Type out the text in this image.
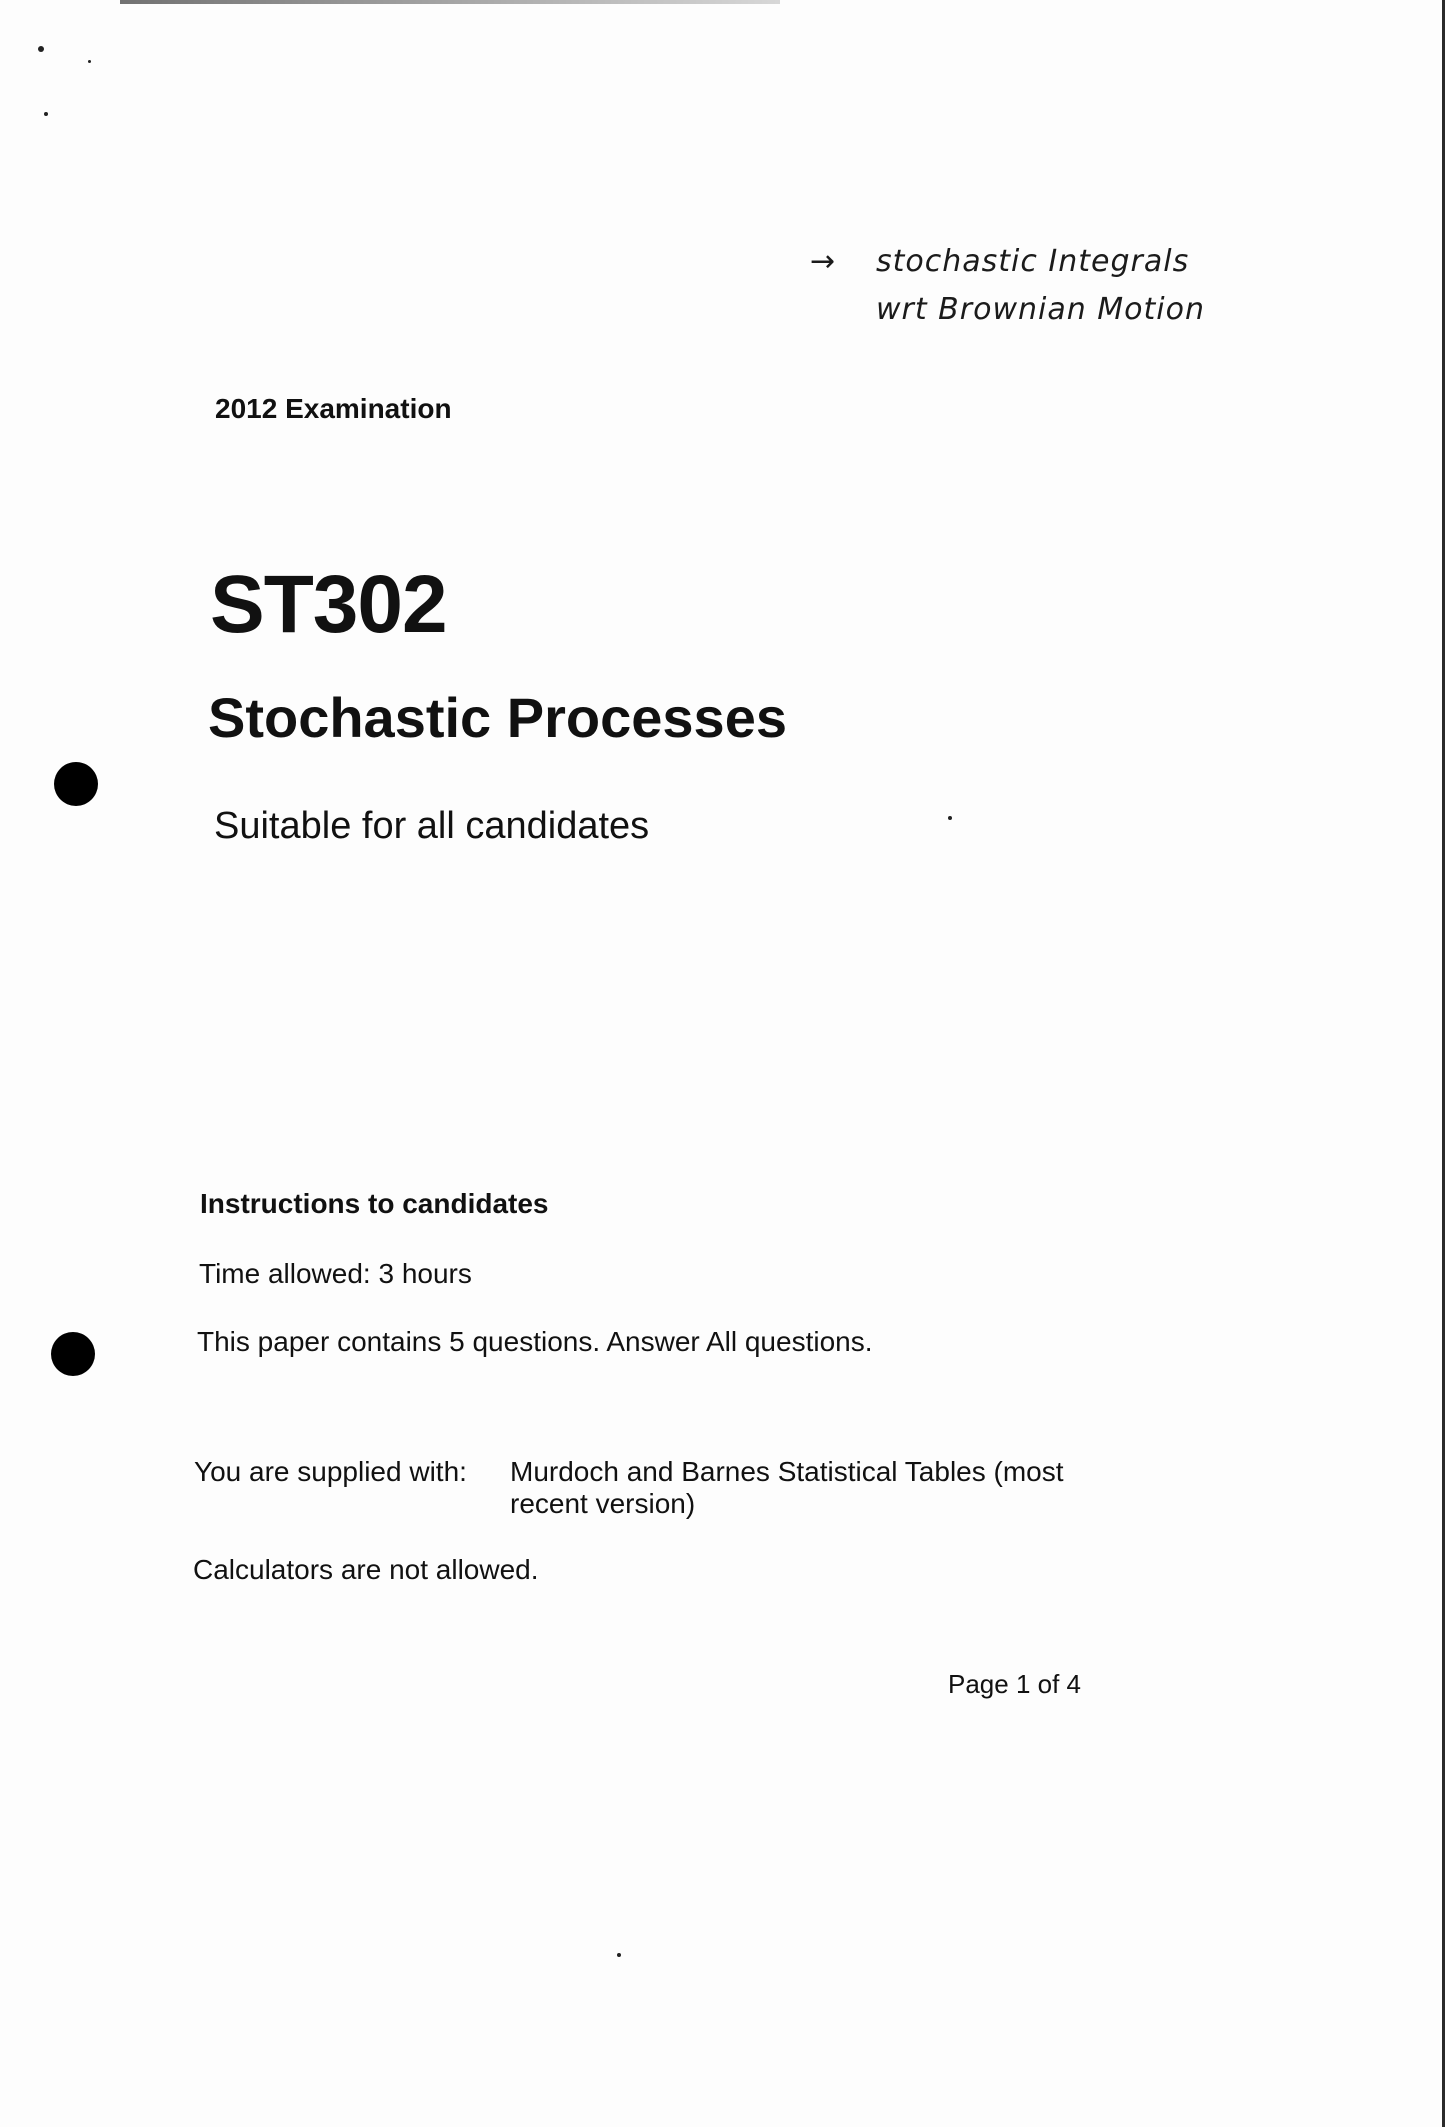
→ stochastic Integrals
wrt Brownian Motion
2012 Examination
ST302
Stochastic Processes
Suitable for all candidates
Instructions to candidates
Time allowed: 3 hours
This paper contains 5 questions. Answer All questions.
You are supplied with: Murdoch and Barnes Statistical Tables (most recent version)
Calculators are not allowed.
Page 1 of 4
